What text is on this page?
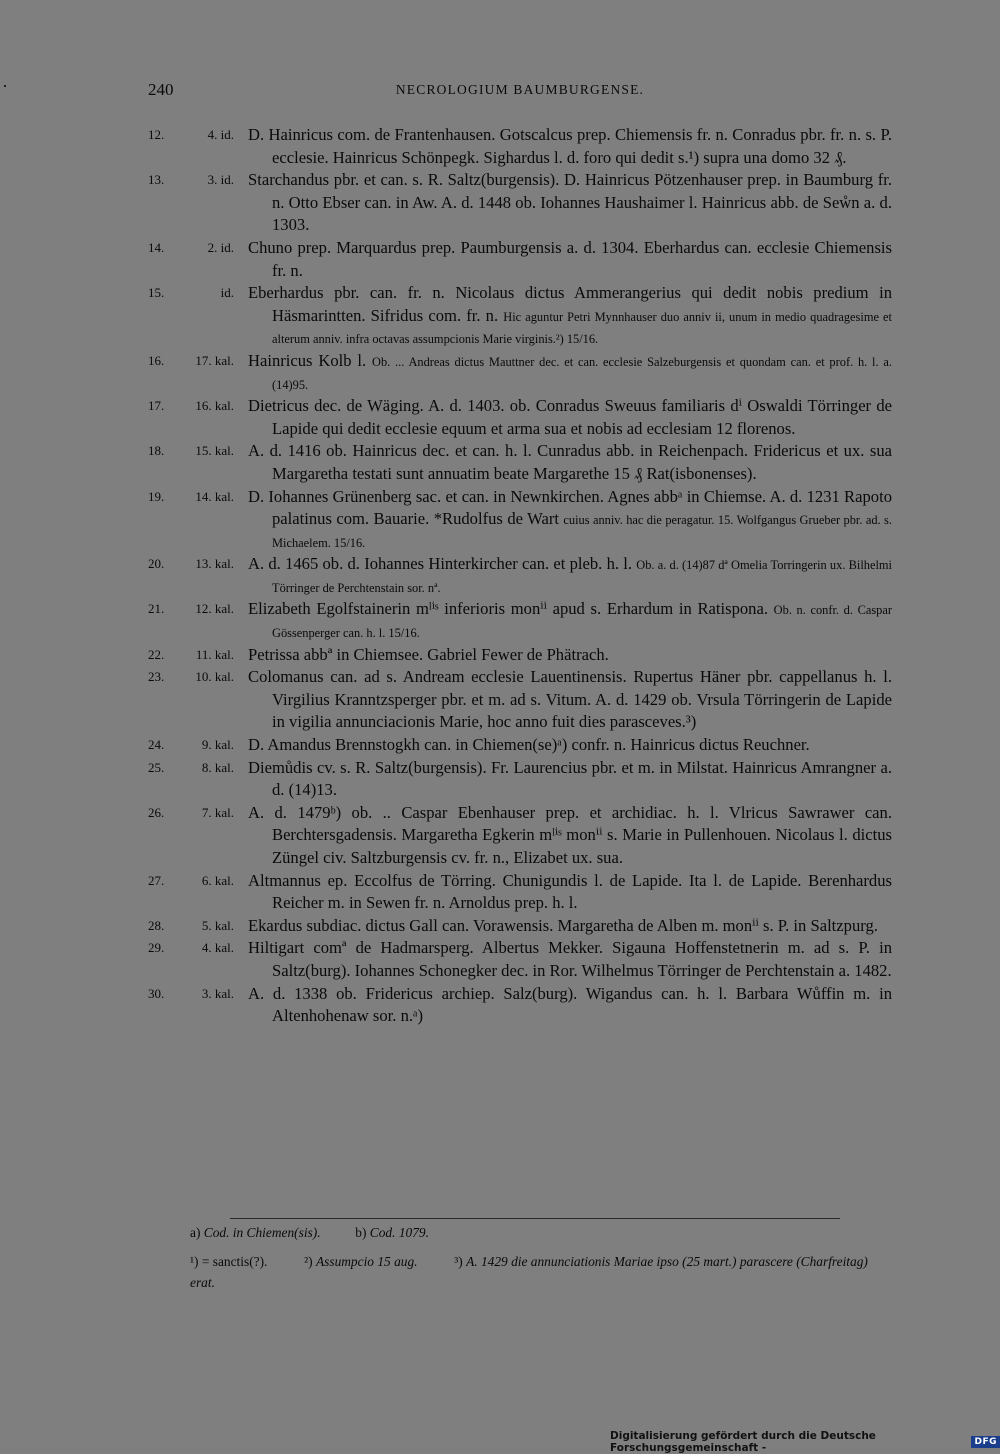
240	NECROLOGIUM BAUMBURGENSE.
12.	4. id. D. Hainricus com. de Frantenhausen. Gotscalcus prep. Chiemensis fr. n. Conradus pbr. fr. n. s. P. ecclesie. Hainricus Schönpegk. Sighardus l. d. foro qui dedit s.¹) supra una domo 32 ₰.
13.	3. id. Starchandus pbr. et can. s. R. Saltz(burgensis). D. Hainricus Pötzenhauser prep. in Baumburg fr. n. Otto Ebser can. in Aw. A. d. 1448 ob. Iohannes Haushaimer l. Hainricus abb. de Seẘn a. d. 1303.
14.	2. id. Chuno prep. Marquardus prep. Paumburgensis a. d. 1304. Eberhardus can. ecclesie Chiemensis fr. n.
15.	id. Eberhardus pbr. can. fr. n. Nicolaus dictus Ammerangerius qui dedit nobis predium in Häsmarintten. Sifridus com. fr. n. Hic aguntur Petri Mynnhauser duo anniv ii, unum in medio quadragesime et alterum anniv. infra octavas assumpcionis Marie virginis.²) 15/16.
16.	17. kal. Hainricus Kolb l. Ob. ... Andreas dictus Mauttner dec. et can. ecclesie Salzeburgensis et quondam can. et prof. h. l. a. (14)95.
17.	16. kal. Dietricus dec. de Wäging. A. d. 1403. ob. Conradus Sweuus familiaris dⁱ Oswaldi Törringer de Lapide qui dedit ecclesie equum et arma sua et nobis ad ecclesiam 12 florenos.
18.	15. kal. A. d. 1416 ob. Hainricus dec. et can. h. l. Cunradus abb. in Reichenpach. Fridericus et ux. sua Margaretha testati sunt annuatim beate Margarethe 15 ₰ Rat(isbonenses).
19.	14. kal. D. Iohannes Grünenberg sac. et can. in Newnkirchen. Agnes abbᵃ in Chiemse. A. d. 1231 Rapoto palatinus com. Bauarie. *Rudolfus de Wart cuius anniv. hac die peragatur. 15. Wolfgangus Grueber pbr. ad. s. Michaelem. 15/16.
20.	13. kal. A. d. 1465 ob. d. Iohannes Hinterkircher can. et pleb. h. l. Ob. a. d. (14)87 dª Omelia Torringerin ux. Bilhelmi Törringer de Perchtenstain sor. nª.
21.	12. kal. Elizabeth Egolfstainerin mˡⁱˢ inferioris monⁱⁱ apud s. Erhardum in Ratispona. Ob. n. confr. d. Caspar Gössenperger can. h. l. 15/16.
22.	11. kal. Petrissa abbª in Chiemsee. Gabriel Fewer de Phätrach.
23.	10. kal. Colomanus can. ad s. Andream ecclesie Lauentinensis. Rupertus Häner pbr. cappellanus h. l. Virgilius Kranntzsperger pbr. et m. ad s. Vitum. A. d. 1429 ob. Vrsula Törringerin de Lapide in vigilia annunciacionis Marie, hoc anno fuit dies parasceves.³)
24.	9. kal. D. Amandus Brennstogkh can. in Chiemen(se)ᵃ) confr. n. Hainricus dictus Reuchner.
25.	8. kal. Diemůdis cv. s. R. Saltz(burgensis). Fr. Laurencius pbr. et m. in Milstat. Hainricus Amrangner a. d. (14)13.
26.	7. kal. A. d. 1479ᵇ) ob. .. Caspar Ebenhauser prep. et archidiac. h. l. Vlricus Sawrawer can. Berchtersgadensis. Margaretha Egkerin mˡⁱˢ monⁱⁱ s. Marie in Pullenhouen. Nicolaus l. dictus Züngel civ. Saltzburgensis cv. fr. n., Elizabet ux. sua.
27.	6. kal. Altmannus ep. Eccolfus de Törring. Chunigundis l. de Lapide. Ita l. de Lapide. Berenhardus Reicher m. in Sewen fr. n. Arnoldus prep. h. l.
28.	5. kal. Ekardus subdiac. dictus Gall can. Vorawensis. Margaretha de Alben m. monⁱⁱ s. P. in Saltzpurg.
29.	4. kal. Hiltigart comª de Hadmarsperg. Albertus Mekker. Sigauna Hoffenstetnerin m. ad s. P. in Saltz(burg). Iohannes Schonegker dec. in Ror. Wilhelmus Törringer de Perchtenstain a. 1482.
30.	3. kal. A. d. 1338 ob. Fridericus archiep. Salz(burg). Wigandus can. h. l. Barbara Wůffin m. in Altenhohenaw sor. n.ᵃ)
a) Cod. in Chiemen(sis).	b) Cod. 1079.
¹) = sanctis(?).	²) Assumpcio 15 aug.	³) A. 1429 die annunciationis Mariae ipso (25 mart.) parascere (Charfreitag) erat.
Digitalisierung gefördert durch die Deutsche Forschungsgemeinschaft -	DFG
